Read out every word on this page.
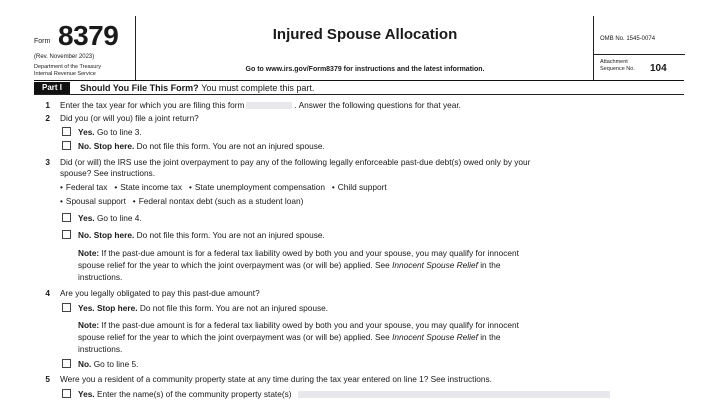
Form 8379
(Rev. November 2023)
Department of the Treasury
Internal Revenue Service
Injured Spouse Allocation
Go to www.irs.gov/Form8379 for instructions and the latest information.
OMB No. 1545-0074
Attachment
Sequence No. 104
Part I	Should You File This Form? You must complete this part.
1 Enter the tax year for which you are filing this form	. Answer the following questions for that year.
2 Did you (or will you) file a joint return?
Yes. Go to line 3.
No. Stop here. Do not file this form. You are not an injured spouse.
3 Did (or will) the IRS use the joint overpayment to pay any of the following legally enforceable past-due debt(s) owed only by your
spouse? See instructions.
• Federal tax • State income tax • State unemployment compensation • Child support
• Spousal support • Federal nontax debt (such as a student loan)
Yes. Go to line 4.
No. Stop here. Do not file this form. You are not an injured spouse.
Note: If the past-due amount is for a federal tax liability owed by both you and your spouse, you may qualify for innocent
spouse relief for the year to which the joint overpayment was (or will be) applied. See Innocent Spouse Relief in the
instructions.
4 Are you legally obligated to pay this past-due amount?
Yes. Stop here. Do not file this form. You are not an injured spouse.
Note: If the past-due amount is for a federal tax liability owed by both you and your spouse, you may qualify for innocent
spouse relief for the year to which the joint overpayment was (or will be) applied. See Innocent Spouse Relief in the
instructions.
No. Go to line 5.
5 Were you a resident of a community property state at any time during the tax year entered on line 1? See instructions.
Yes. Enter the name(s) of the community property state(s)
